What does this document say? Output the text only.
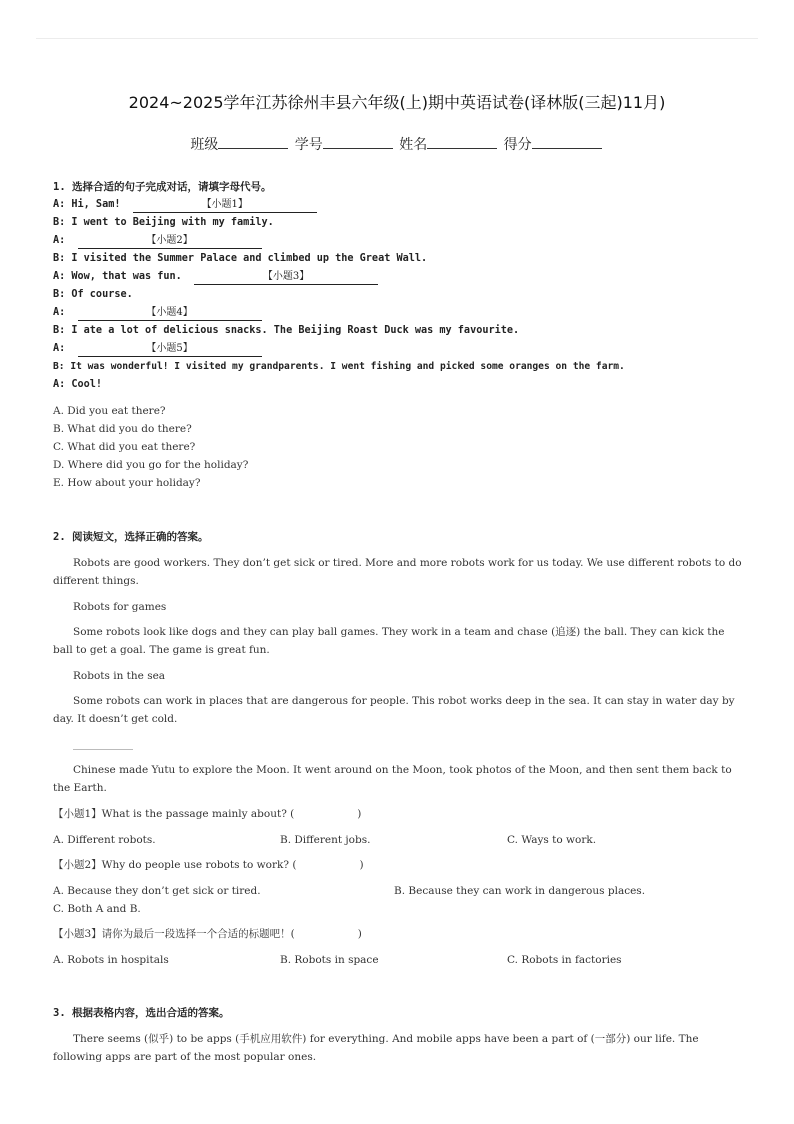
2024~2025学年江苏徐州丰县六年级(上)期中英语试卷(译林版(三起)11月)
班级	学号	姓名	得分
1. 选择合适的句子完成对话，请填字母代号。
A: Hi, Sam!	【小题1】
B: I went to Beijing with my family.
A:	【小题2】
B: I visited the Summer Palace and climbed up the Great Wall.
A: Wow, that was fun.	【小题3】
B: Of course.
A:	【小题4】
B: I ate a lot of delicious snacks. The Beijing Roast Duck was my favourite.
A:	【小题5】
B: It was wonderful! I visited my grandparents. I went fishing and picked some oranges on the farm.
A: Cool!
A. Did you eat there?
B. What did you do there?
C. What did you eat there?
D. Where did you go for the holiday?
E. How about your holiday?
2. 阅读短文，选择正确的答案。
Robots are good workers. They don’t get sick or tired. More and more robots work for us today. We use different robots to do different things.
Robots for games
Some robots look like dogs and they can play ball games. They work in a team and chase (追逐) the ball. They can kick the ball to get a goal. The game is great fun.
Robots in the sea
Some robots can work in places that are dangerous for people. This robot works deep in the sea. It can stay in water day by day. It doesn’t get cold.
Chinese made Yutu to explore the Moon. It went around on the Moon, took photos of the Moon, and then sent them back to the Earth.
【小题1】What is the passage mainly about? (　　　　　　)
A. Different robots.	B. Different jobs.	C. Ways to work.
【小题2】Why do people use robots to work? (　　　　　　)
A. Because they don’t get sick or tired.	B. Because they can work in dangerous places.
C. Both A and B.
【小题3】请你为最后一段选择一个合适的标题吧！(　　　　　　)
A. Robots in hospitals	B. Robots in space	C. Robots in factories
3. 根据表格内容，选出合适的答案。
There seems (似乎) to be apps (手机应用软件) for everything. And mobile apps have been a part of (一部分) our life. The following apps are part of the most popular ones.
